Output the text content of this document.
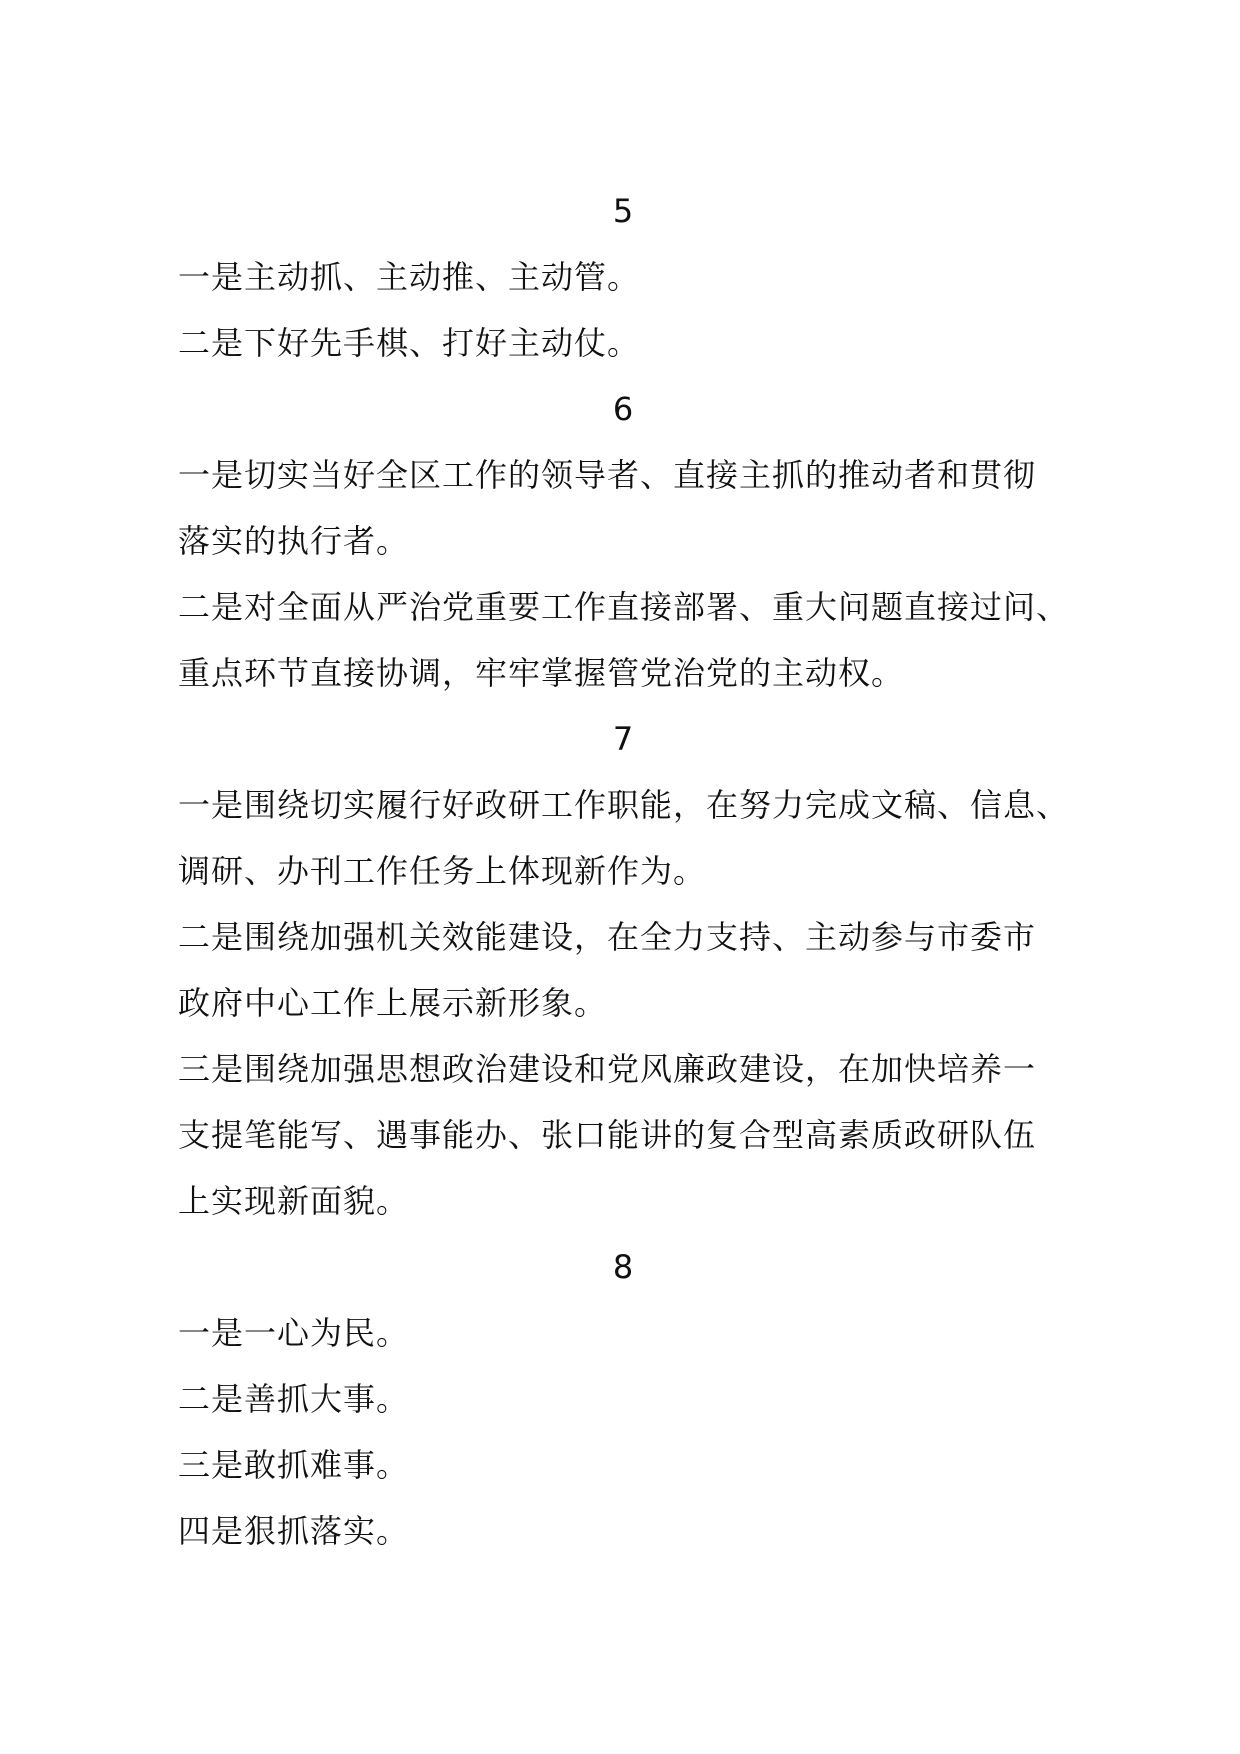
5
一是主动抓、主动推、主动管。
二是下好先手棋、打好主动仗。
6
一是切实当好全区工作的领导者、直接主抓的推动者和贯彻
落实的执行者。
二是对全面从严治党重要工作直接部署、重大问题直接过问、
重点环节直接协调，牢牢掌握管党治党的主动权。
7
一是围绕切实履行好政研工作职能，在努力完成文稿、信息、
调研、办刊工作任务上体现新作为。
二是围绕加强机关效能建设，在全力支持、主动参与市委市
政府中心工作上展示新形象。
三是围绕加强思想政治建设和党风廉政建设，在加快培养一
支提笔能写、遇事能办、张口能讲的复合型高素质政研队伍
上实现新面貌。
8
一是一心为民。
二是善抓大事。
三是敢抓难事。
四是狠抓落实。
